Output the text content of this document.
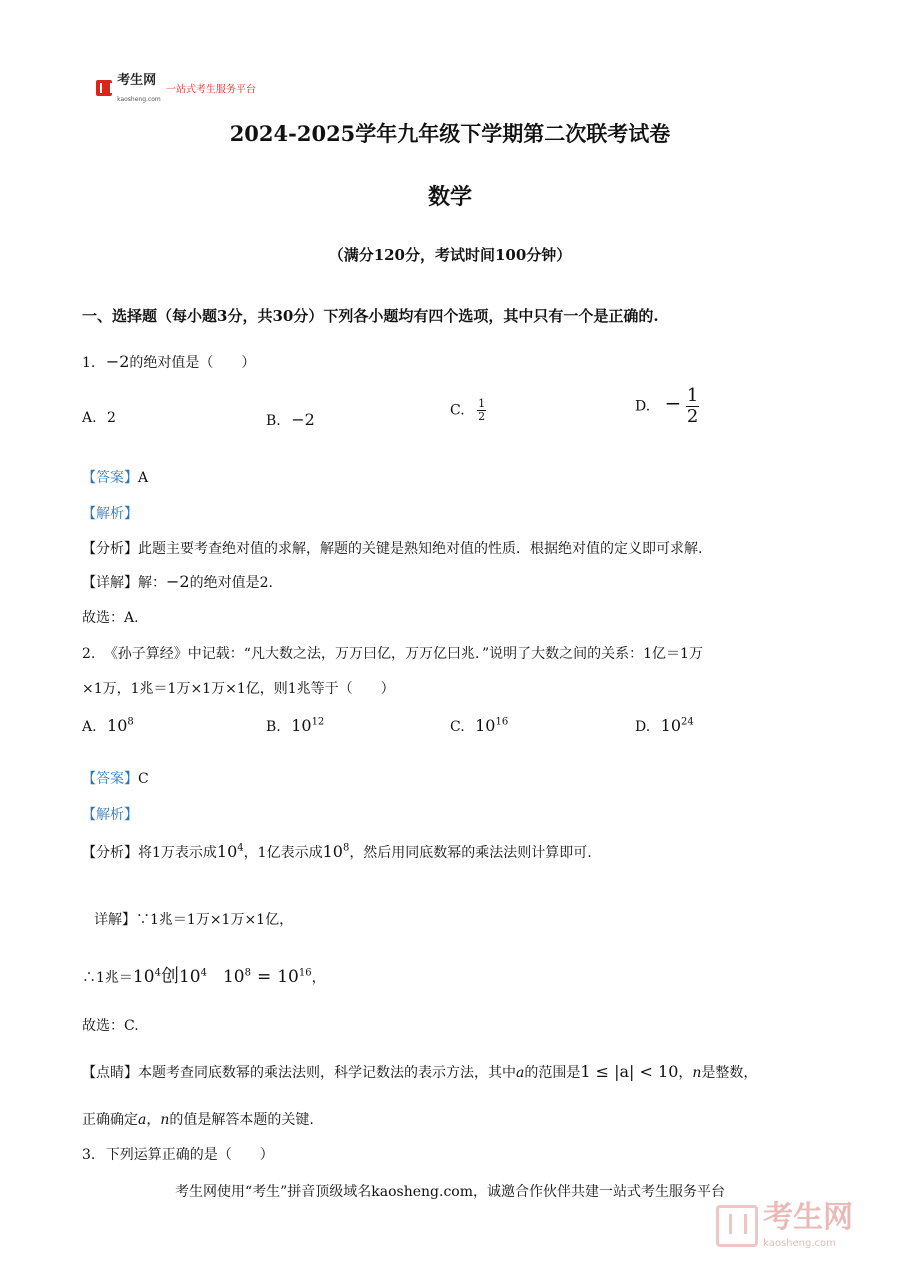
考生网
kaosheng.com 一站式考生服务平台
2024-2025学年九年级下学期第二次联考试卷
数学
（满分120分，考试时间100分钟）
一、选择题（每小题3分，共30分）下列各小题均有四个选项，其中只有一个是正确的.
1. −2的绝对值是（　　）
A. 2	B. −2	C. $\frac{1}{2}$	D. − $\frac{1}{2}$
【答案】A
【解析】
【分析】此题主要考查绝对值的求解，解题的关键是熟知绝对值的性质．根据绝对值的定义即可求解.
【详解】解：−2的绝对值是2.
故选：A.
2. 《孙子算经》中记载：“凡大数之法，万万曰亿，万万亿曰兆．”说明了大数之间的关系：1亿＝1万
×1万，1兆＝1万×1万×1亿，则1兆等于（　　）
A. $10^8$	B. $10^{12}$	C. $10^{16}$	D. $10^{24}$
【答案】C
【解析】
【分析】将1万表示成$10^4$，1亿表示成$10^8$，然后用同底数幂的乘法法则计算即可.
详解】∵1兆＝1万×1万×1亿，
∴1兆$=10^4$创$10^4$ $10^8 = 10^{16}$，
故选：C.
【点睛】本题考查同底数幂的乘法法则，科学记数法的表示方法，其中a的范围是1 ≤ |a| < 10，n是整数，
正确确定a，n的值是解答本题的关键.
3. 下列运算正确的是（　　）
考生网使用“考生”拼音顶级域名kaosheng.com，诚邀合作伙伴共建一站式考生服务平台
考生网
kaosheng.com
